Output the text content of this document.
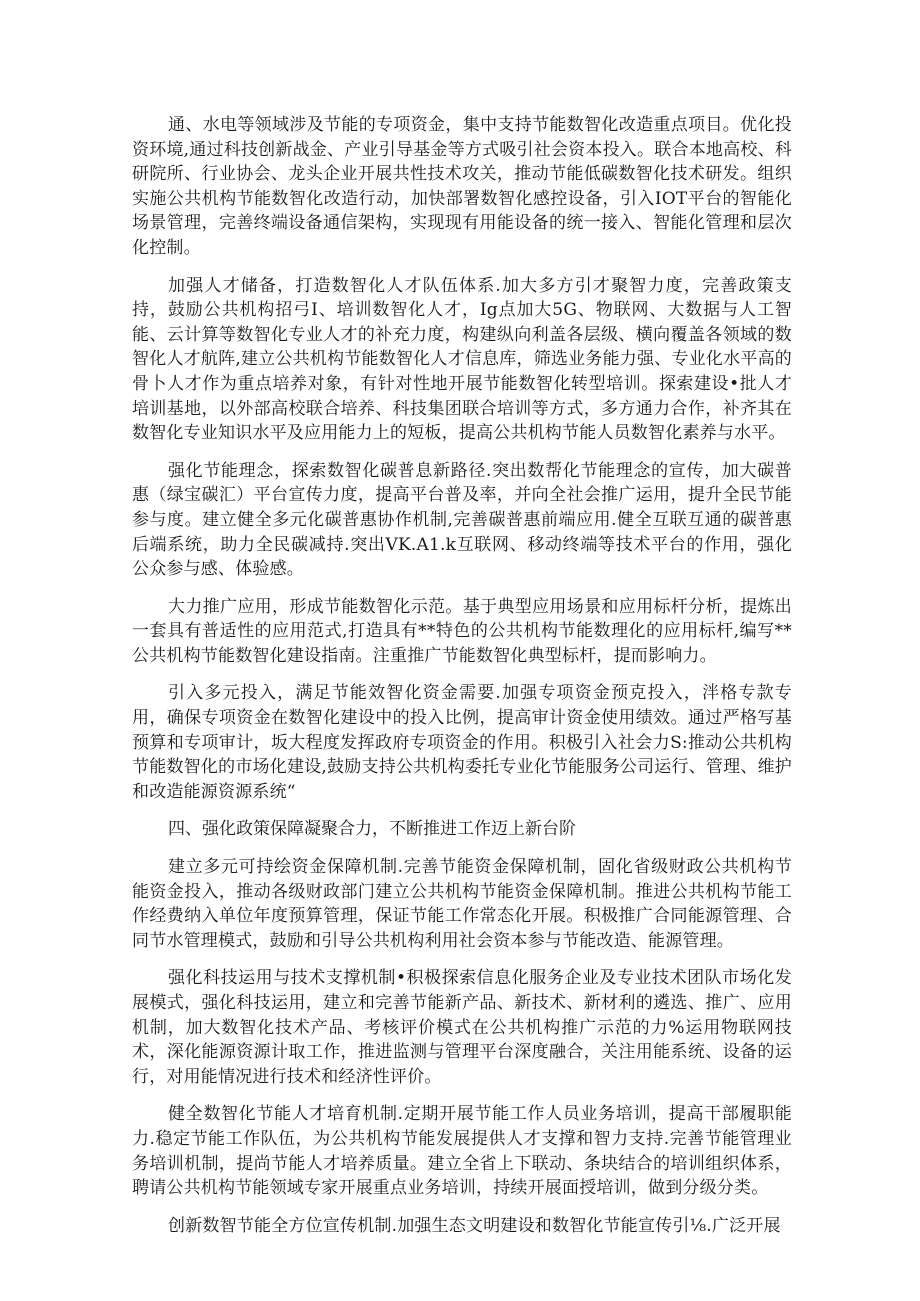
通、水电等领域涉及节能的专项资金，集中支持节能数智化改造重点项目。优化投资环境,通过科技创新战金、产业引导基金等方式吸引社会资本投入。联合本地高校、科研院所、行业协会、龙头企业开展共性技术攻关，推动节能低碳数智化技术研发。组织实施公共机构节能数智化改造行动，加快部署数智化感控设备，引入IOT平台的智能化场景管理，完善终端设备通信架构，实现现有用能设备的统一接入、智能化管理和层次化控制。

加强人才储备，打造数智化人才队伍体系.加大多方引才聚智力度，完善政策支持，鼓励公共机构招弓I、培训数智化人才，Ig点加大5G、物联网、大数据与人工智能、云计算等数智化专业人才的补充力度，构建纵向利盖各层级、横向覆盖各领域的数智化人才航阵,建立公共机构节能数智化人才信息库，筛选业务能力强、专业化水平高的骨卜人才作为重点培养对象，有针对性地开展节能数智化转型培训。探索建设•批人才培训基地，以外部高校联合培养、科技集团联合培训等方式，多方通力合作，补齐其在数智化专业知识水平及应用能力上的短板，提高公共机构节能人员数智化素养与水平。

强化节能理念，探索数智化碳普息新路径.突出数帮化节能理念的宣传，加大碳普惠（绿宝碳汇）平台宣传力度，提高平台普及率，并向全社会推广运用，提升全民节能参与度。建立健全多元化碳普惠协作机制,完善碳普惠前端应用.健全互联互通的碳普惠后端系统，助力全民碳减持.突出VK.A1.k互联网、移动终端等技术平台的作用，强化公众参与感、体验感。

大力推广应用，形成节能数智化示范。基于典型应用场景和应用标杆分析，提炼出一套具有普适性的应用范式,打造具有**特色的公共机构节能数理化的应用标杆,编写**公共机构节能数智化建设指南。注重推广节能数智化典型标杆，提而影响力。

引入多元投入，满足节能效智化资金需要.加强专项资金预克投入，泮格专款专用，确保专项资金在数智化建设中的投入比例，提高审计资金使用绩效。通过严格写基预算和专项审计，坂大程度发挥政府专项资金的作用。积极引入社会力S:推动公共机构节能数智化的市场化建设,鼓励支持公共机构委托专业化节能服务公司运行、管理、维护和改造能源资源系统“

四、强化政策保障凝聚合力，不断推进工作迈上新台阶

建立多元可持绘资金保障机制.完善节能资金保障机制，固化省级财政公共机构节能资金投入，推动各级财政部门建立公共机构节能资金保障机制。推进公共机构节能工作经费纳入单位年度预算管理，保证节能工作常态化开展。积极推广合同能源管理、合同节水管理模式，鼓励和引导公共机构利用社会资本参与节能改造、能源管理。

强化科技运用与技术支撑机制•积极探索信息化服务企业及专业技术团队市场化发展模式，强化科技运用，建立和完善节能新产品、新技术、新材利的遴选、推广、应用机制，加大数智化技术产品、考核评价模式在公共机构推广示范的力%运用物联网技术，深化能源资源计取工作，推进监测与管理平台深度融合，关注用能系统、设备的运行，对用能情况进行技术和经济性评价。

健全数智化节能人才培育机制.定期开展节能工作人员业务培训，提高干部履职能力.稳定节能工作队伍，为公共机构节能发展提供人才支撑和智力支持.完善节能管理业务培训机制，提尚节能人才培养质量。建立全省上下联动、条块结合的培训组织体系，聘请公共机构节能领域专家开展重点业务培训，持续开展面授培训，做到分级分类。

创新数智节能全方位宣传机制.加强生态文明建设和数智化节能宣传引⅛.广泛开展
